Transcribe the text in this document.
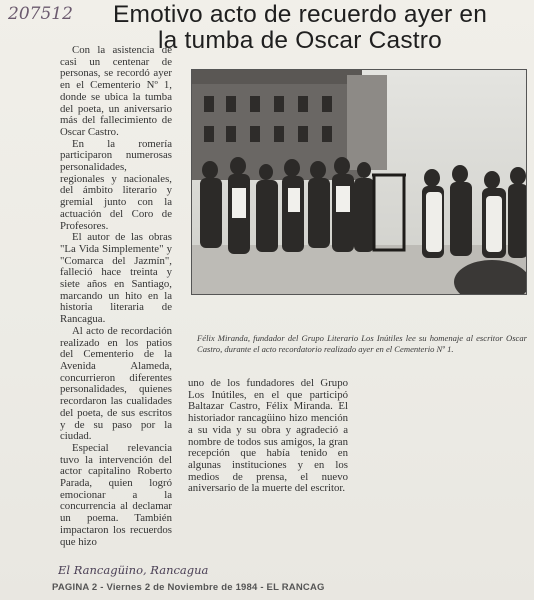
207512	Emotivo acto de recuerdo ayer en
la tumba de Oscar Castro

Con la asistencia de casi un centenar de personas, se recordó ayer en el Cementerio Nº 1, donde se ubica la tumba del poeta, un aniversario más del fallecimiento de Oscar Castro.

En la romería participaron numerosas personalidades, regionales y nacionales, del ámbito literario y gremial junto con la actuación del Coro de Profesores.

El autor de las obras "La Vida Simplemente" y "Comarca del Jazmín", falleció hace treinta y siete años en Santiago, marcando un hito en la historia literaria de Rancagua.

Al acto de recordación realizado en los patios del Cementerio de la Avenida Alameda, concurrieron diferentes personalidades, quienes recordaron las cualidades del poeta, de sus escritos y de su paso por la ciudad.

Especial relevancia tuvo la intervención del actor capitalino Roberto Parada, quien logró emocionar a la concurrencia al declamar un poema. También impactaron los recuerdos que hizo

Félix Miranda, fundador del Grupo Literario Los Inútiles lee su homenaje al escritor Oscar Castro, durante el acto recordatorio realizado ayer en el Cementerio Nº 1.

uno de los fundadores del Grupo Los Inútiles, en el que participó Baltazar Castro, Félix Miranda. El historiador rancagüino hizo mención a su vida y su obra y agradeció a nombre de todos sus amigos, la gran recepción que había tenido en algunas instituciones y en los medios de prensa, el nuevo aniversario de la muerte del escritor.

El Rancagüino, Rancagua
PAGINA 2 - Viernes 2 de Noviembre de 1984 - EL RANCAG
